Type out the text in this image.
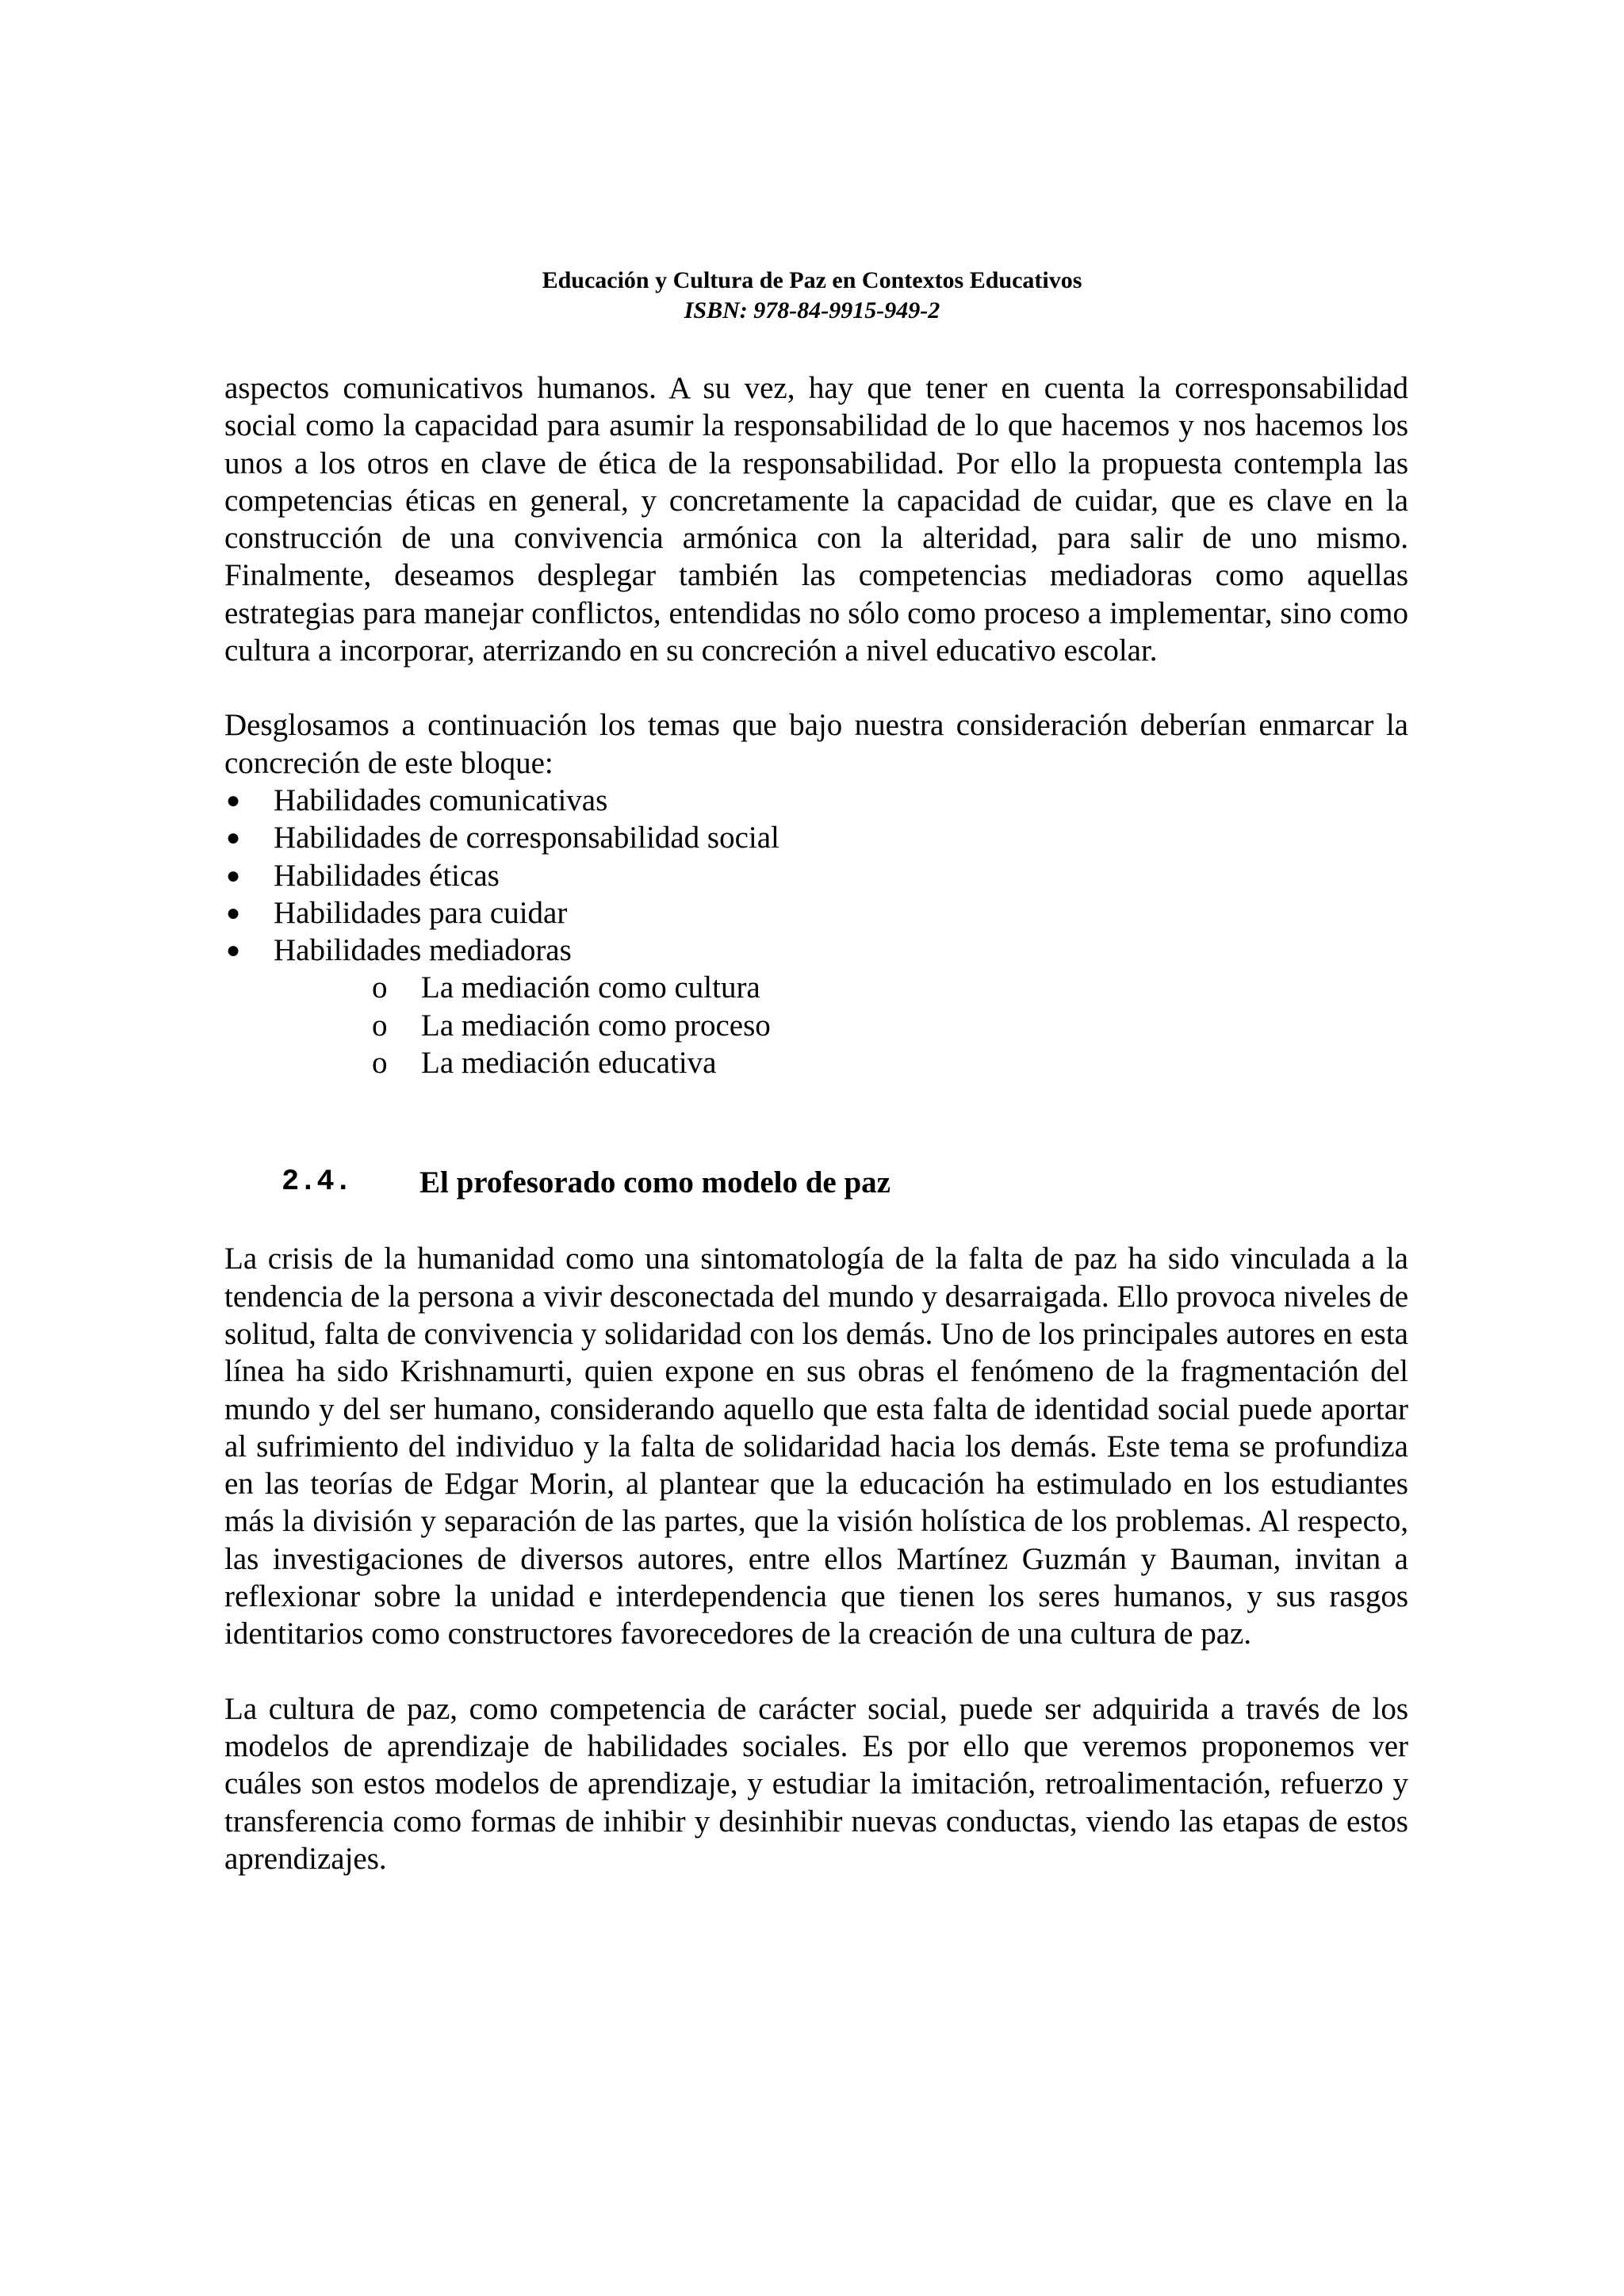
Educación y Cultura de Paz en Contextos Educativos
ISBN: 978-84-9915-949-2

aspectos comunicativos humanos. A su vez, hay que tener en cuenta la corresponsabilidad social como la capacidad para asumir la responsabilidad de lo que hacemos y nos hacemos los unos a los otros en clave de ética de la responsabilidad. Por ello la propuesta contempla las competencias éticas en general, y concretamente la capacidad de cuidar, que es clave en la construcción de una convivencia armónica con la alteridad, para salir de uno mismo. Finalmente, deseamos desplegar también las competencias mediadoras como aquellas estrategias para manejar conflictos, entendidas no sólo como proceso a implementar, sino como cultura a incorporar, aterrizando en su concreción a nivel educativo escolar.

Desglosamos a continuación los temas que bajo nuestra consideración deberían enmarcar la concreción de este bloque:

● Habilidades comunicativas
● Habilidades de corresponsabilidad social
● Habilidades éticas
● Habilidades para cuidar
● Habilidades mediadoras
o La mediación como cultura
o La mediación como proceso
o La mediación educativa
2.4. El profesorado como modelo de paz

La crisis de la humanidad como una sintomatología de la falta de paz ha sido vinculada a la tendencia de la persona a vivir desconectada del mundo y desarraigada. Ello provoca niveles de solitud, falta de convivencia y solidaridad con los demás. Uno de los principales autores en esta línea ha sido Krishnamurti, quien expone en sus obras el fenómeno de la fragmentación del mundo y del ser humano, considerando aquello que esta falta de identidad social puede aportar al sufrimiento del individuo y la falta de solidaridad hacia los demás. Este tema se profundiza en las teorías de Edgar Morin, al plantear que la educación ha estimulado en los estudiantes más la división y separación de las partes, que la visión holística de los problemas. Al respecto, las investigaciones de diversos autores, entre ellos Martínez Guzmán y Bauman, invitan a reflexionar sobre la unidad e interdependencia que tienen los seres humanos, y sus rasgos identitarios como constructores favorecedores de la creación de una cultura de paz.

La cultura de paz, como competencia de carácter social, puede ser adquirida a través de los modelos de aprendizaje de habilidades sociales. Es por ello que veremos proponemos ver cuáles son estos modelos de aprendizaje, y estudiar la imitación, retroalimentación, refuerzo y transferencia como formas de inhibir y desinhibir nuevas conductas, viendo las etapas de estos aprendizajes.
